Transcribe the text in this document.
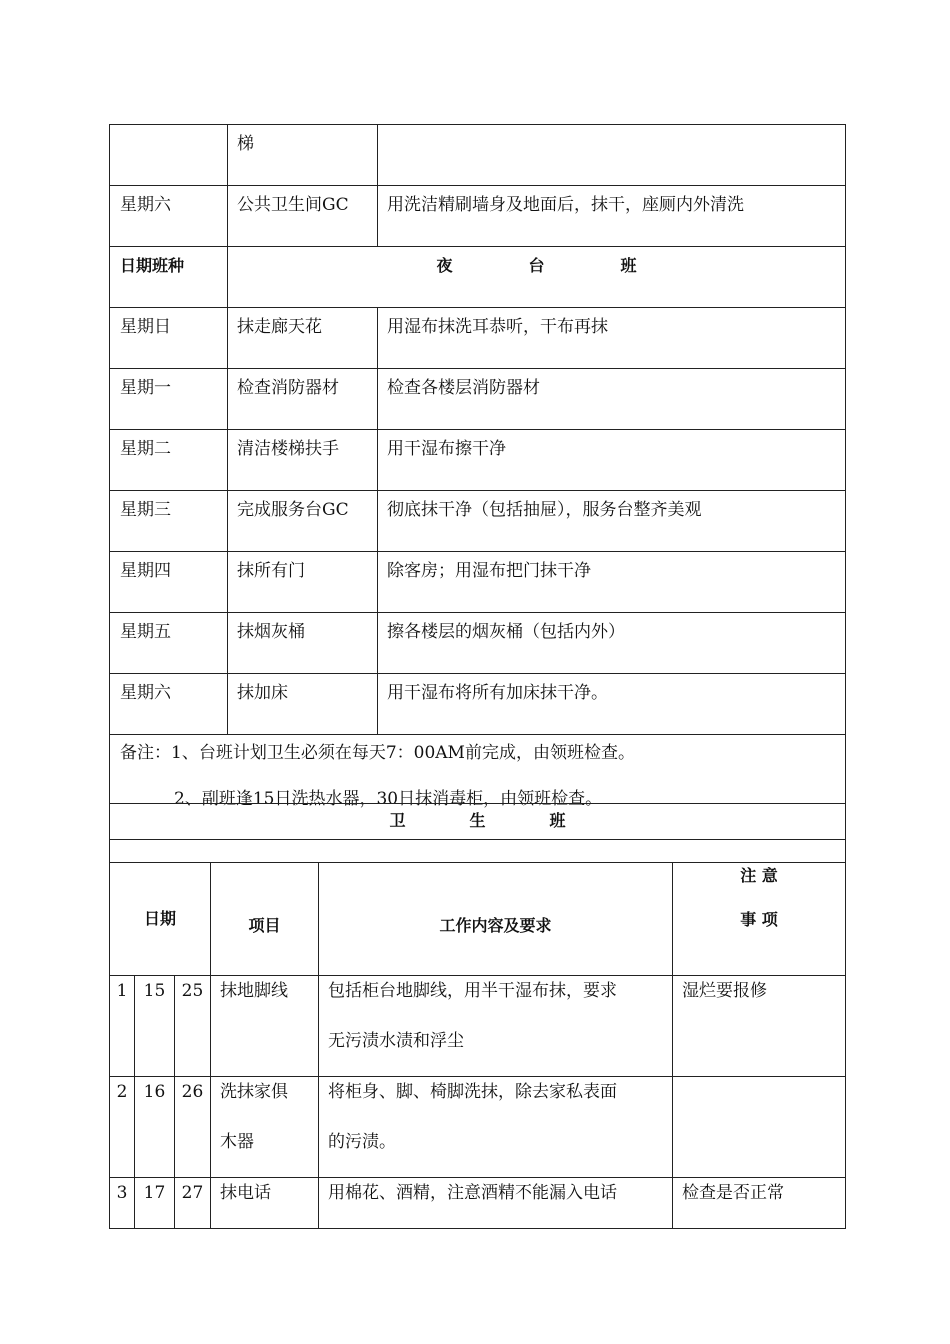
	梯	
星期六	公共卫生间GC	用洗洁精刷墙身及地面后，抹干，座厕内外清洗
日期班种	夜 台 班	
星期日	抹走廊天花	用湿布抹洗耳恭听，干布再抹
星期一	检查消防器材	检查各楼层消防器材
星期二	清洁楼梯扶手	用干湿布擦干净
星期三	完成服务台GC	彻底抹干净（包括抽屉），服务台整齐美观
星期四	抹所有门	除客房；用湿布把门抹干净
星期五	抹烟灰桶	擦各楼层的烟灰桶（包括内外）
星期六	抹加床	用干湿布将所有加床抹干净。

备注：1、台班计划卫生必须在每天7：00AM前完成，由领班检查。

2、副班逢15日洗热水器，30日抹消毒柜，由领班检查。		

卫 生 班					
日期			项目	工作内容及要求	注 意
事 项

1	15	25	抹地脚线	包括柜台地脚线，用半干湿布抹，要求
无污渍水渍和浮尘	湿烂要报修

2	16	26	洗抹家俱
木器	将柜身、脚、椅脚洗抹，除去家私表面
的污渍。	

3	17	27	抹电话	用棉花、酒精，注意酒精不能漏入电话	检查是否正常
